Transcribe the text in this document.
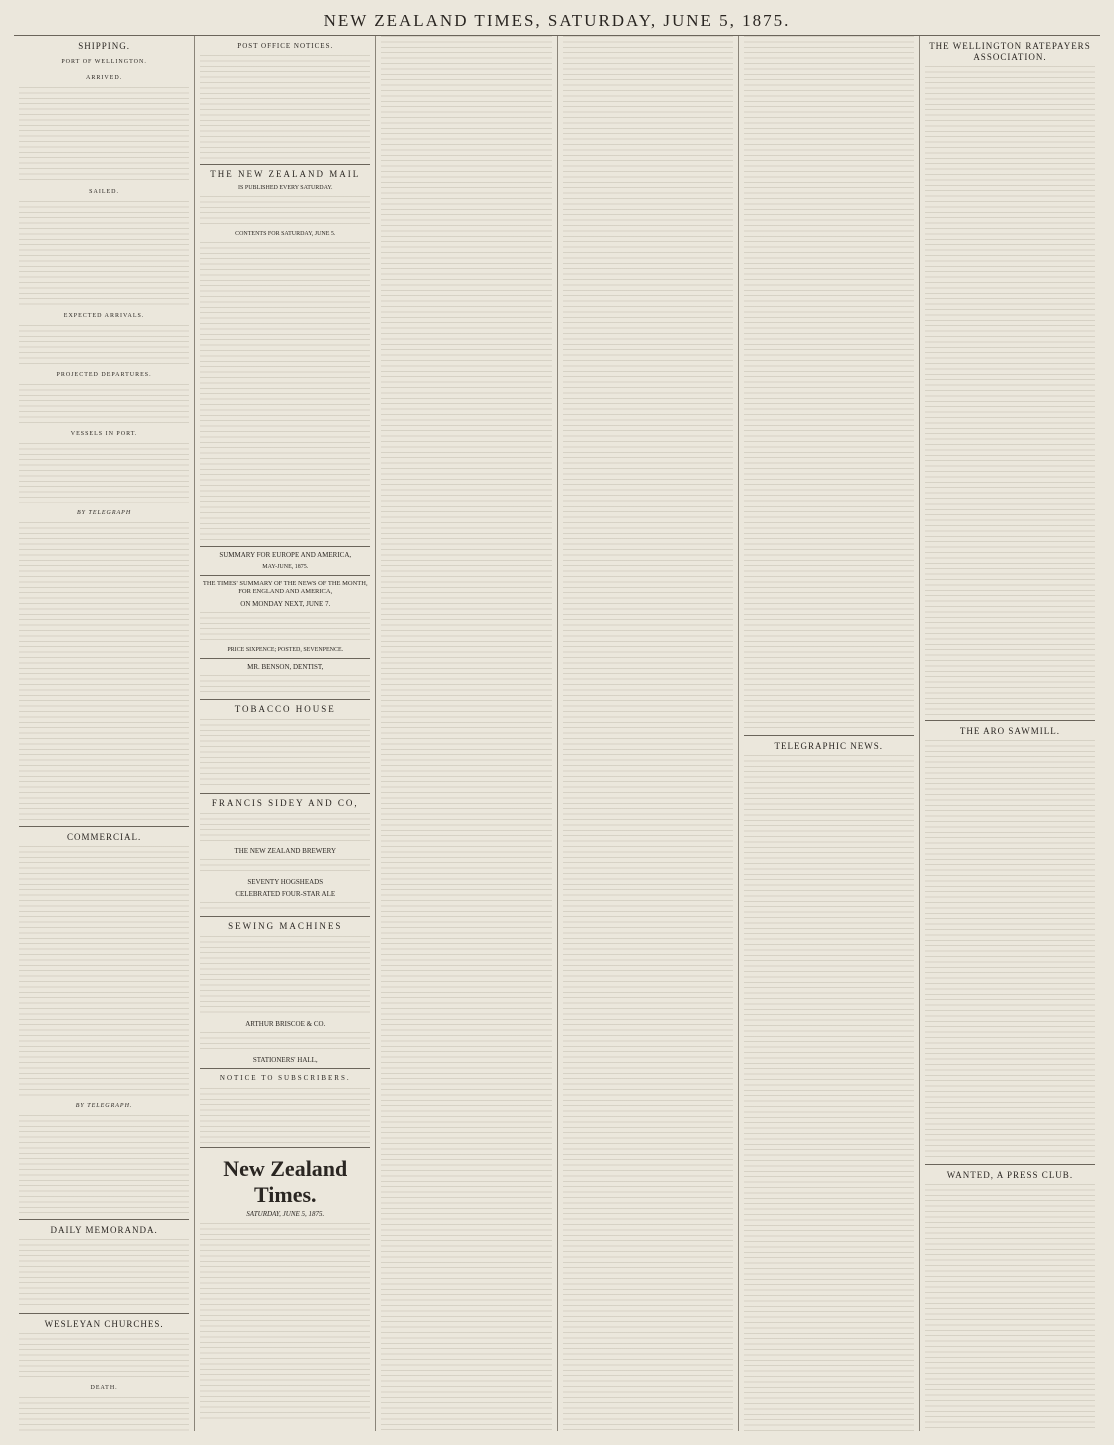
NEW ZEALAND TIMES, SATURDAY, JUNE 5, 1875.
SHIPPING.
PORT OF WELLINGTON.
ARRIVED.
SAILED.
EXPECTED ARRIVALS.
PROJECTED DEPARTURES.
VESSELS IN PORT.
BY TELEGRAPH
COMMERCIAL.
BY TELEGRAPH.
DAILY MEMORANDA.
WESLEYAN CHURCHES.
DEATH.
POST OFFICE NOTICES.
THE NEW ZEALAND MAIL
IS PUBLISHED EVERY SATURDAY.
CONTENTS FOR SATURDAY, JUNE 5.
SUMMARY FOR EUROPE AND AMERICA,
MAY-JUNE, 1875.
THE TIMES' SUMMARY OF THE NEWS OF THE MONTH, FOR ENGLAND AND AMERICA,
ON MONDAY NEXT, JUNE 7.
PRICE SIXPENCE; POSTED, SEVENPENCE.
MR. BENSON, DENTIST,
TOBACCO HOUSE
FRANCIS SIDEY AND CO,
THE NEW ZEALAND BREWERY
SEVENTY HOGSHEADS
CELEBRATED FOUR-STAR ALE
SEWING MACHINES
ARTHUR BRISCOE & CO.
STATIONERS' HALL,
NOTICE TO SUBSCRIBERS.
New Zealand Times.
SATURDAY, JUNE 5, 1875.
TELEGRAPHIC NEWS.
THE WELLINGTON RATEPAYERS ASSOCIATION.
THE ARO SAWMILL.
WANTED, A PRESS CLUB.
